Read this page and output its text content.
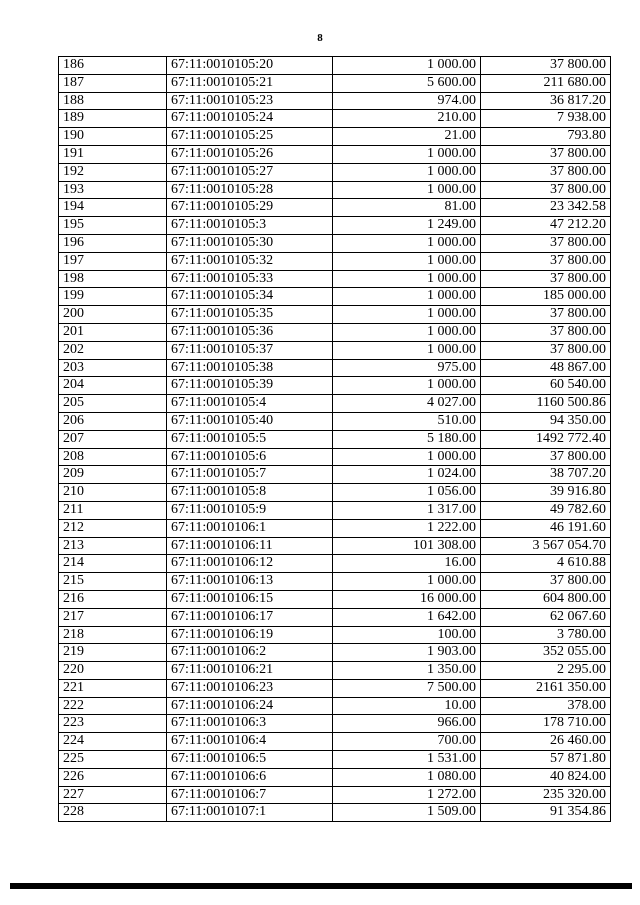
8
186	67:11:0010105:20	1 000.00	37 800.00
187	67:11:0010105:21	5 600.00	211 680.00
188	67:11:0010105:23	974.00	36 817.20
189	67:11:0010105:24	210.00	7 938.00
190	67:11:0010105:25	21.00	793.80
191	67:11:0010105:26	1 000.00	37 800.00
192	67:11:0010105:27	1 000.00	37 800.00
193	67:11:0010105:28	1 000.00	37 800.00
194	67:11:0010105:29	81.00	23 342.58
195	67:11:0010105:3	1 249.00	47 212.20
196	67:11:0010105:30	1 000.00	37 800.00
197	67:11:0010105:32	1 000.00	37 800.00
198	67:11:0010105:33	1 000.00	37 800.00
199	67:11:0010105:34	1 000.00	185 000.00
200	67:11:0010105:35	1 000.00	37 800.00
201	67:11:0010105:36	1 000.00	37 800.00
202	67:11:0010105:37	1 000.00	37 800.00
203	67:11:0010105:38	975.00	48 867.00
204	67:11:0010105:39	1 000.00	60 540.00
205	67:11:0010105:4	4 027.00	1160 500.86
206	67:11:0010105:40	510.00	94 350.00
207	67:11:0010105:5	5 180.00	1492 772.40
208	67:11:0010105:6	1 000.00	37 800.00
209	67:11:0010105:7	1 024.00	38 707.20
210	67:11:0010105:8	1 056.00	39 916.80
211	67:11:0010105:9	1 317.00	49 782.60
212	67:11:0010106:1	1 222.00	46 191.60
213	67:11:0010106:11	101 308.00	3 567 054.70
214	67:11:0010106:12	16.00	4 610.88
215	67:11:0010106:13	1 000.00	37 800.00
216	67:11:0010106:15	16 000.00	604 800.00
217	67:11:0010106:17	1 642.00	62 067.60
218	67:11:0010106:19	100.00	3 780.00
219	67:11:0010106:2	1 903.00	352 055.00
220	67:11:0010106:21	1 350.00	2 295.00
221	67:11:0010106:23	7 500.00	2161 350.00
222	67:11:0010106:24	10.00	378.00
223	67:11:0010106:3	966.00	178 710.00
224	67:11:0010106:4	700.00	26 460.00
225	67:11:0010106:5	1 531.00	57 871.80
226	67:11:0010106:6	1 080.00	40 824.00
227	67:11:0010106:7	1 272.00	235 320.00
228	67:11:0010107:1	1 509.00	91 354.86
